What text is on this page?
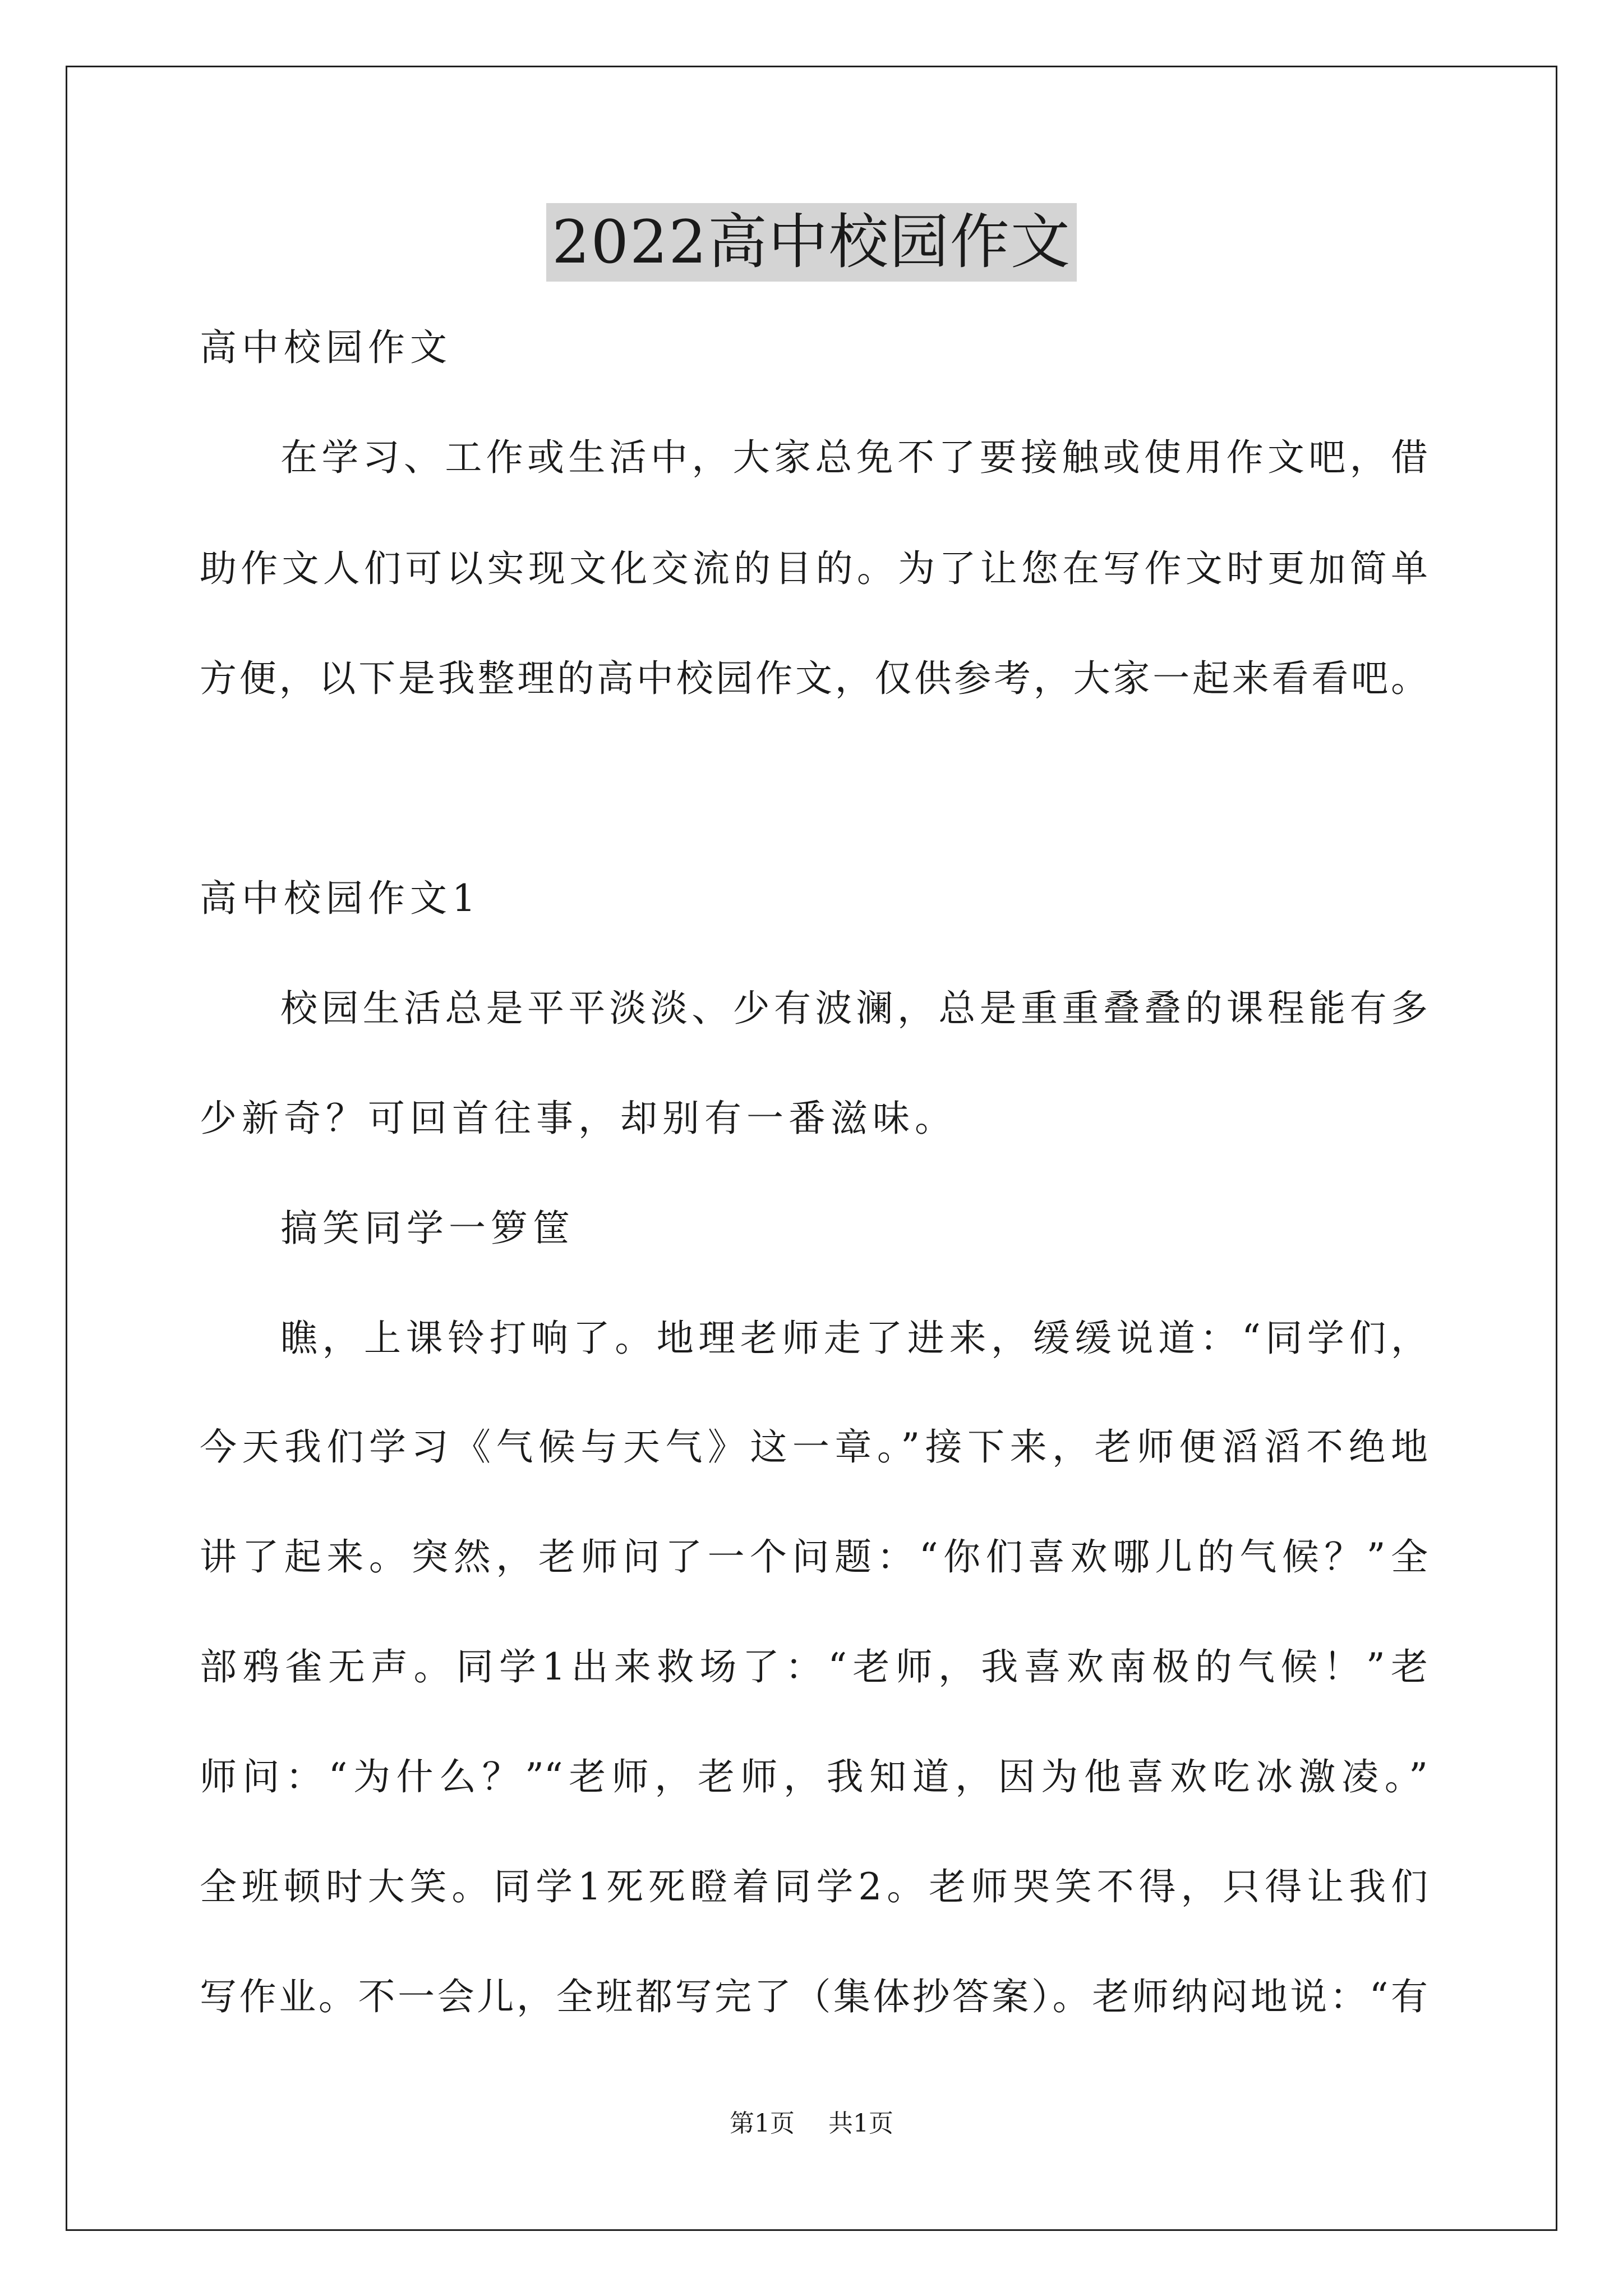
2022高中校园作文
高中校园作文
在学习、工作或生活中，大家总免不了要接触或使用作文吧，借
助作文人们可以实现文化交流的目的。为了让您在写作文时更加简单
方便，以下是我整理的高中校园作文，仅供参考，大家一起来看看吧。
高中校园作文1
校园生活总是平平淡淡、少有波澜，总是重重叠叠的课程能有多
少新奇？可回首往事，却别有一番滋味。
搞笑同学一箩筐
瞧，上课铃打响了。地理老师走了进来，缓缓说道：“同学们，
今天我们学习《气候与天气》这一章。”接下来，老师便滔滔不绝地
讲了起来。突然，老师问了一个问题：“你们喜欢哪儿的气候？”全
部鸦雀无声。同学1出来救场了：“老师，我喜欢南极的气候！”老
师问：“为什么？”“老师，老师，我知道，因为他喜欢吃冰激凌。”
全班顿时大笑。同学1死死瞪着同学2。老师哭笑不得，只得让我们
写作业。不一会儿，全班都写完了（集体抄答案）。老师纳闷地说：“有
第1页 共1页
